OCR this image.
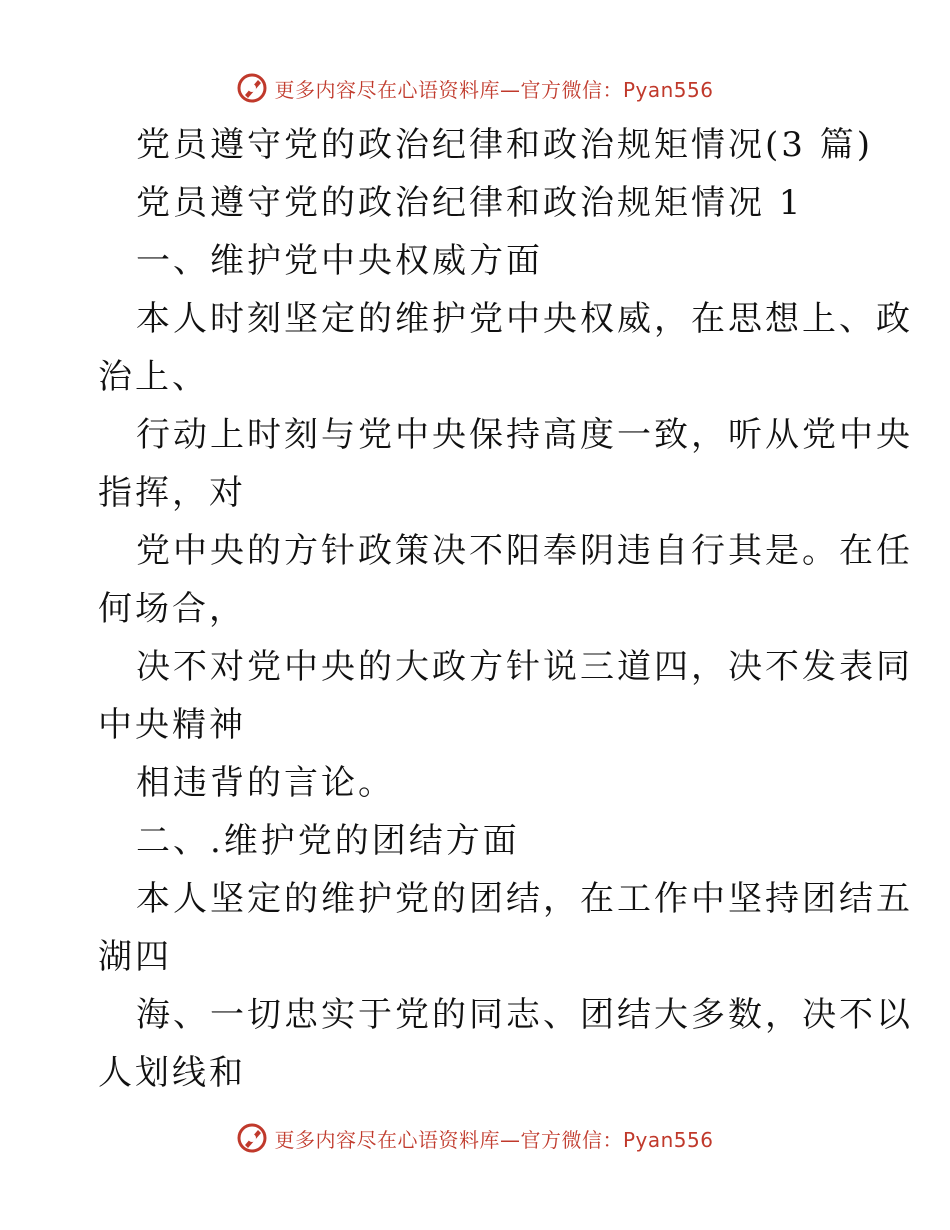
更多内容尽在心语资料库—官方微信：Pyan556
党员遵守党的政治纪律和政治规矩情况(3 篇)
党员遵守党的政治纪律和政治规矩情况 1
一、维护党中央权威方面
本人时刻坚定的维护党中央权威，在思想上、政
治上、
行动上时刻与党中央保持高度一致，听从党中央
指挥，对
党中央的方针政策决不阳奉阴违自行其是。在任
何场合，
决不对党中央的大政方针说三道四，决不发表同
中央精神
相违背的言论。
二、.维护党的团结方面
本人坚定的维护党的团结，在工作中坚持团结五
湖四
海、一切忠实于党的同志、团结大多数，决不以
人划线和
更多内容尽在心语资料库—官方微信：Pyan556
